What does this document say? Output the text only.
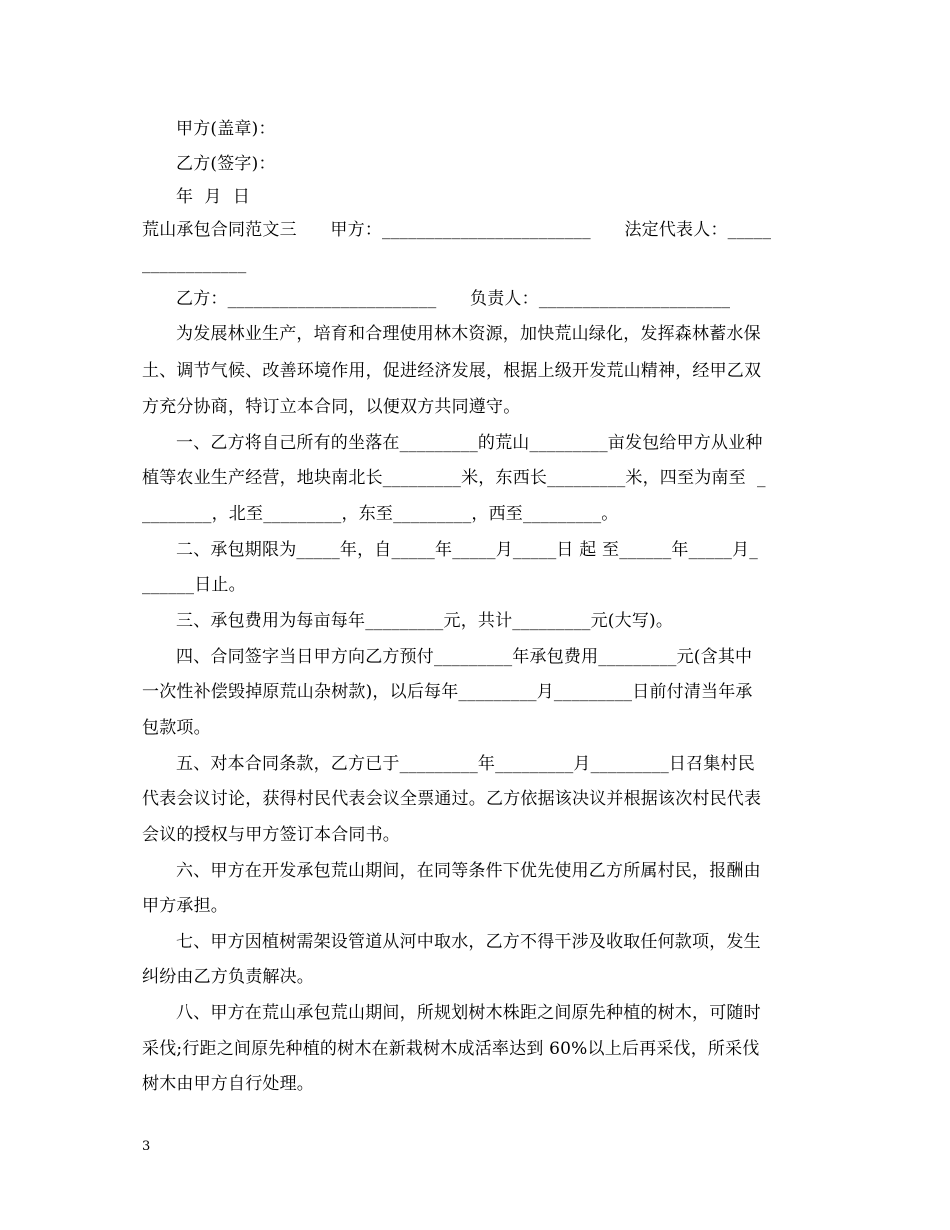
甲方(盖章)：
乙方(签字)：
年  月  日
荒山承包合同范文三      甲方：________________________      法定代表人：_____
____________
乙方：________________________      负责人：______________________
为发展林业生产，培育和合理使用林木资源，加快荒山绿化，发挥森林蓄水保
土、调节气候、改善环境作用，促进经济发展，根据上级开发荒山精神，经甲乙双
方充分协商，特订立本合同，以便双方共同遵守。
一、乙方将自己所有的坐落在_________的荒山_________亩发包给甲方从业种
植等农业生产经营，地块南北长_________米，东西长_________米，四至为南至  _
________，北至_________，东至_________，西至_________。
二、承包期限为_____年，自_____年_____月_____日 起 至______年_____月_
______日止。
三、承包费用为每亩每年_________元，共计_________元(大写)。
四、合同签字当日甲方向乙方预付_________年承包费用_________元(含其中
一次性补偿毁掉原荒山杂树款)，以后每年_________月_________日前付清当年承
包款项。
五、对本合同条款，乙方已于_________年_________月_________日召集村民
代表会议讨论，获得村民代表会议全票通过。乙方依据该决议并根据该次村民代表
会议的授权与甲方签订本合同书。
六、甲方在开发承包荒山期间，在同等条件下优先使用乙方所属村民，报酬由
甲方承担。
七、甲方因植树需架设管道从河中取水，乙方不得干涉及收取任何款项，发生
纠纷由乙方负责解决。
八、甲方在荒山承包荒山期间，所规划树木株距之间原先种植的树木，可随时
采伐;行距之间原先种植的树木在新栽树木成活率达到 60%以上后再采伐，所采伐
树木由甲方自行处理。
3
